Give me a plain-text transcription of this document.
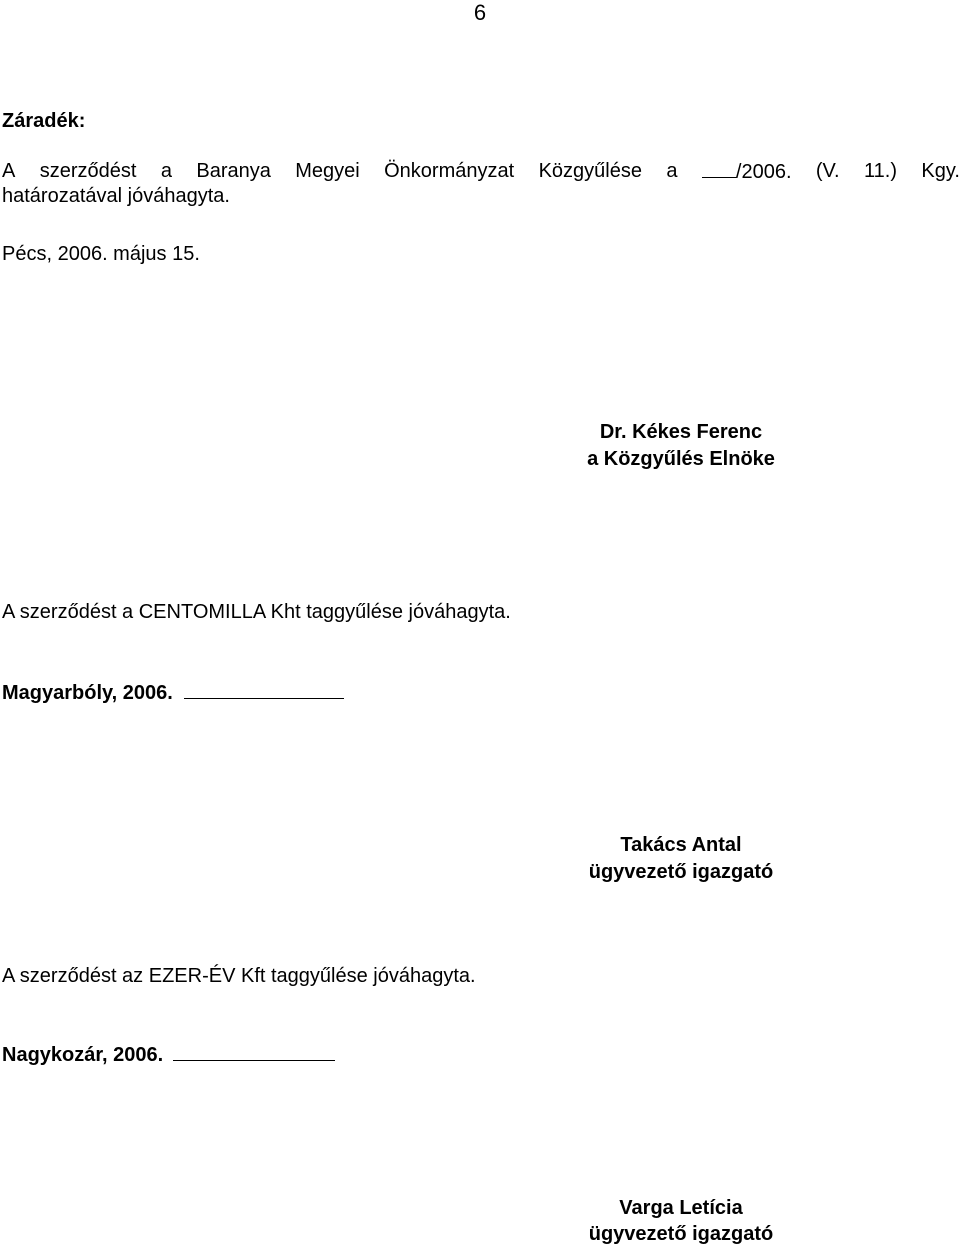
6
Záradék:
A szerződést a Baranya Megyei Önkormányzat Közgyűlése a	/2006. (V. 11.) Kgy.
határozatával jóváhagyta.
Pécs, 2006. május 15.
Dr. Kékes Ferenc
a Közgyűlés Elnöke
A szerződést a CENTOMILLA Kht taggyűlése jóváhagyta.
Magyarbóly, 2006.
Takács Antal
ügyvezető igazgató
A szerződést az EZER-ÉV Kft taggyűlése jóváhagyta.
Nagykozár, 2006.
Varga Letícia
ügyvezető igazgató
